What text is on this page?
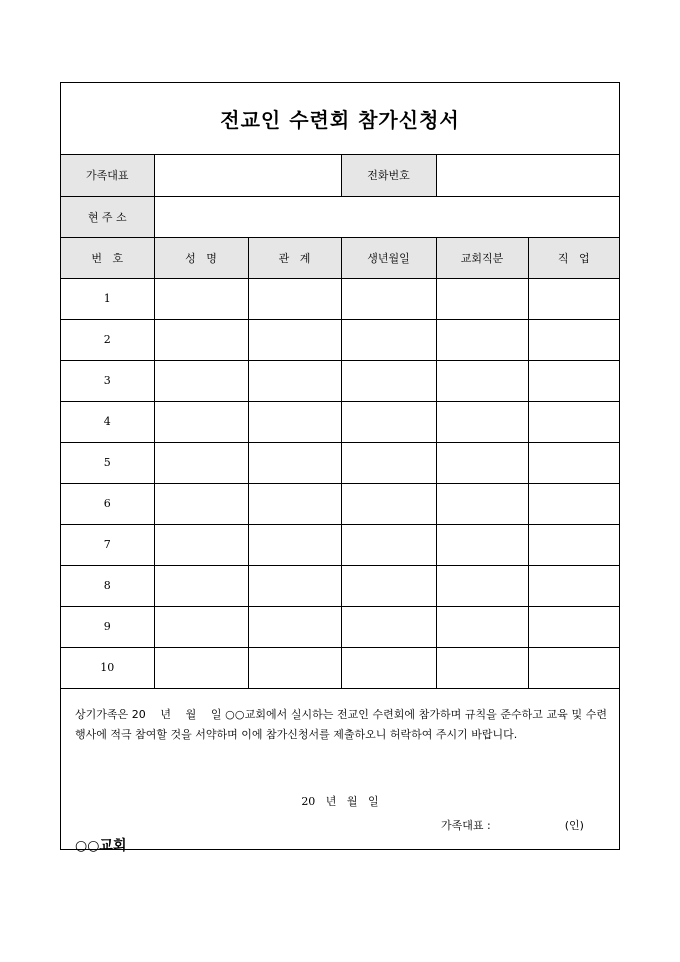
전교인 수련회 참가신청서
가족대표			전화번호		
현 주 소					
번   호	성   명	관   계	생년월일	교회직분	직   업
1					
2					
3					
4					
5					
6					
7					
8					
9					
10					
상기가족은 20    년    월    일 ○○교회에서 실시하는 전교인 수련회에 참가하며 규칙을 준수하고 교육 및 수련행사에 적극 참여할 것을 서약하며 이에 참가신청서를 제출하오니 허락하여 주시기 바랍니다.
20   년   월   일
가족대표 :	(인)
○○교회
